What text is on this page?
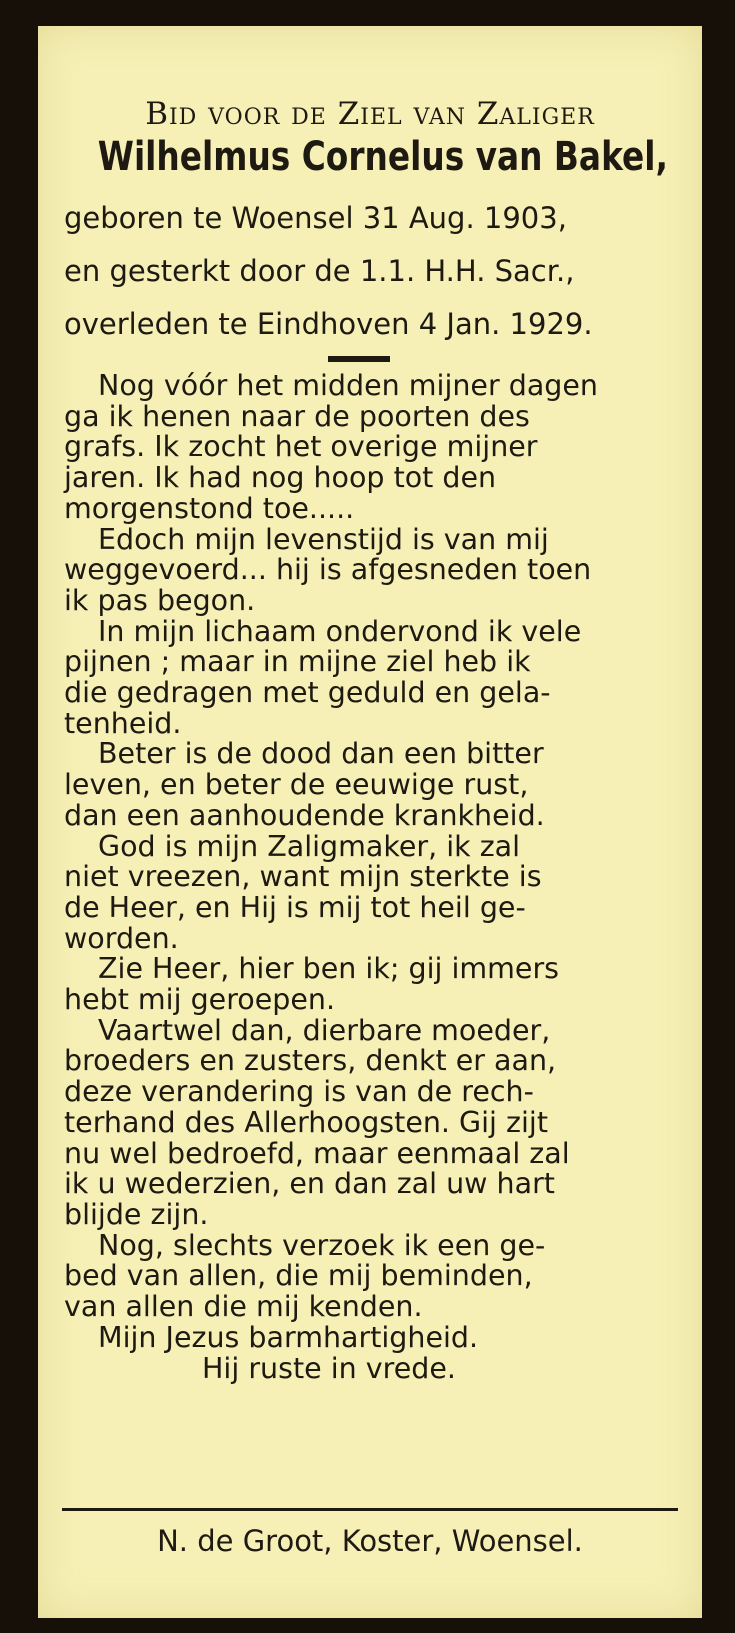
Bid voor de Ziel van Zaliger
Wilhelmus Cornelus van Bakel,
geboren te Woensel 31 Aug. 1903,
en gesterkt door de 1.1. H.H. Sacr.,
overleden te Eindhoven 4 Jan. 1929.
Nog vóór het midden mijner dagen
ga ik henen naar de poorten des
grafs. Ik zocht het overige mijner
jaren. Ik had nog hoop tot den
morgenstond toe.....
Edoch mijn levenstijd is van mij
weggevoerd... hij is afgesneden toen
ik pas begon.
In mijn lichaam ondervond ik vele
pijnen ; maar in mijne ziel heb ik
die gedragen met geduld en gela-
tenheid.
Beter is de dood dan een bitter
leven, en beter de eeuwige rust,
dan een aanhoudende krankheid.
God is mijn Zaligmaker, ik zal
niet vreezen, want mijn sterkte is
de Heer, en Hij is mij tot heil ge-
worden.
Zie Heer, hier ben ik; gij immers
hebt mij geroepen.
Vaartwel dan, dierbare moeder,
broeders en zusters, denkt er aan,
deze verandering is van de rech-
terhand des Allerhoogsten. Gij zijt
nu wel bedroefd, maar eenmaal zal
ik u wederzien, en dan zal uw hart
blijde zijn.
Nog, slechts verzoek ik een ge-
bed van allen, die mij beminden,
van allen die mij kenden.
Mijn Jezus barmhartigheid.
Hij ruste in vrede.
N. de Groot, Koster, Woensel.
